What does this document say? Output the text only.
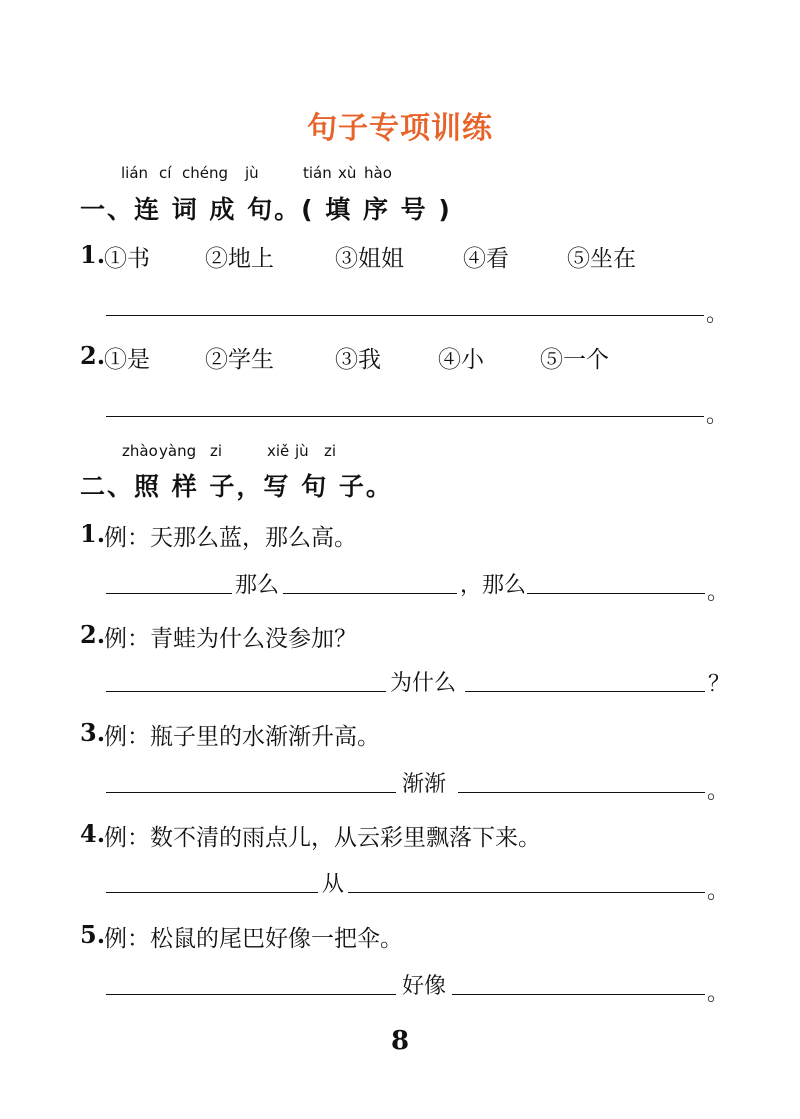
句子专项训练
lián cí chéng jù	tián xù hào
一、连 词 成 句。( 填 序 号 )
1.
①书 ②地上	③姐姐	④看	⑤坐在
。
2.
①是 ②学生	③我 ④小 ⑤一个
。
zhào yàng zi	xiě jù zi
二、照 样 子，写 句 子。
1.
例：天那么蓝，那么高。
那么	，那么	。
2.
例：青蛙为什么没参加？
为什么	？
3.
例：瓶子里的水渐渐升高。
渐渐	。
4.
例：数不清的雨点儿，从云彩里飘落下来。
从	。
5.
例：松鼠的尾巴好像一把伞。
好像	。
8
